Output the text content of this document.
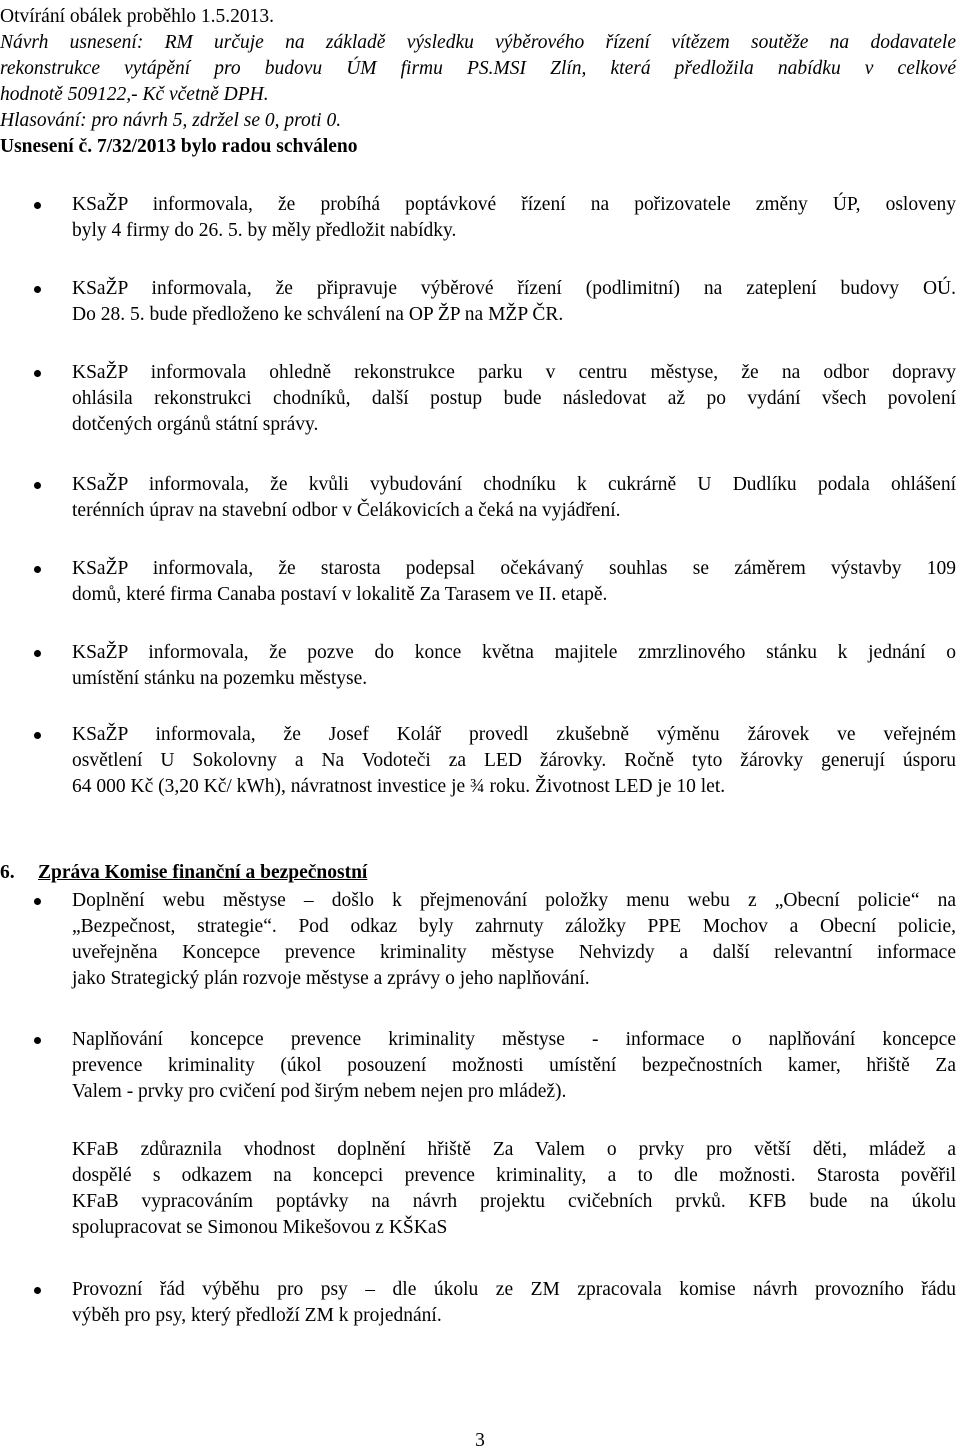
Otvírání obálek proběhlo 1.5.2013.

Návrh usnesení: RM určuje na základě výsledku výběrového řízení vítězem soutěže na dodavatele

rekonstrukce vytápění pro budovu ÚM firmu PS.MSI Zlín, která předložila nabídku v celkové

hodnotě 509122,- Kč včetně DPH.

Hlasování: pro návrh 5, zdržel se 0, proti 0.

Usnesení č. 7/32/2013 bylo radou schváleno

KSaŽP informovala, že probíhá poptávkové řízení na pořizovatele změny ÚP, osloveny

byly 4 firmy do 26. 5. by měly předložit nabídky.

KSaŽP informovala, že připravuje výběrové řízení (podlimitní) na zateplení budovy OÚ.

Do 28. 5. bude předloženo ke schválení na OP ŽP na MŽP ČR.

KSaŽP informovala ohledně rekonstrukce parku v centru městyse, že na odbor dopravy

ohlásila rekonstrukci chodníků, další postup bude následovat až po vydání všech povolení

dotčených orgánů státní správy.

KSaŽP informovala, že kvůli vybudování chodníku k cukrárně U Dudlíku podala ohlášení

terénních úprav na stavební odbor v Čelákovicích a čeká na vyjádření.

KSaŽP informovala, že starosta podepsal očekávaný souhlas se záměrem výstavby 109

domů, které firma Canaba postaví v lokalitě Za Tarasem ve II. etapě.

KSaŽP informovala, že pozve do konce května majitele zmrzlinového stánku k jednání o

umístění stánku na pozemku městyse.

KSaŽP informovala, že Josef Kolář provedl zkušebně výměnu žárovek ve veřejném

osvětlení U Sokolovny a Na Vodoteči za LED žárovky. Ročně tyto žárovky generují úsporu

64 000 Kč (3,20 Kč/ kWh), návratnost investice je ¾ roku. Životnost LED je 10 let.

6. Zpráva Komise finanční a bezpečnostní

Doplnění webu městyse – došlo k přejmenování položky menu webu z „Obecní policie“ na

„Bezpečnost, strategie“. Pod odkaz byly zahrnuty záložky PPE Mochov a Obecní policie,

uveřejněna Koncepce prevence kriminality městyse Nehvizdy a další relevantní informace

jako Strategický plán rozvoje městyse a zprávy o jeho naplňování.

Naplňování koncepce prevence kriminality městyse - informace o naplňování koncepce

prevence kriminality (úkol posouzení možnosti umístění bezpečnostních kamer, hřiště Za

Valem - prvky pro cvičení pod širým nebem nejen pro mládež).

KFaB zdůraznila vhodnost doplnění hřiště Za Valem o prvky pro větší děti, mládež a

dospělé s odkazem na koncepci prevence kriminality, a to dle možnosti. Starosta pověřil

KFaB vypracováním poptávky na návrh projektu cvičebních prvků. KFB bude na úkolu

spolupracovat se Simonou Mikešovou z KŠKaS

Provozní řád výběhu pro psy – dle úkolu ze ZM zpracovala komise návrh provozního řádu

výběh pro psy, který předloží ZM k projednání.

3
